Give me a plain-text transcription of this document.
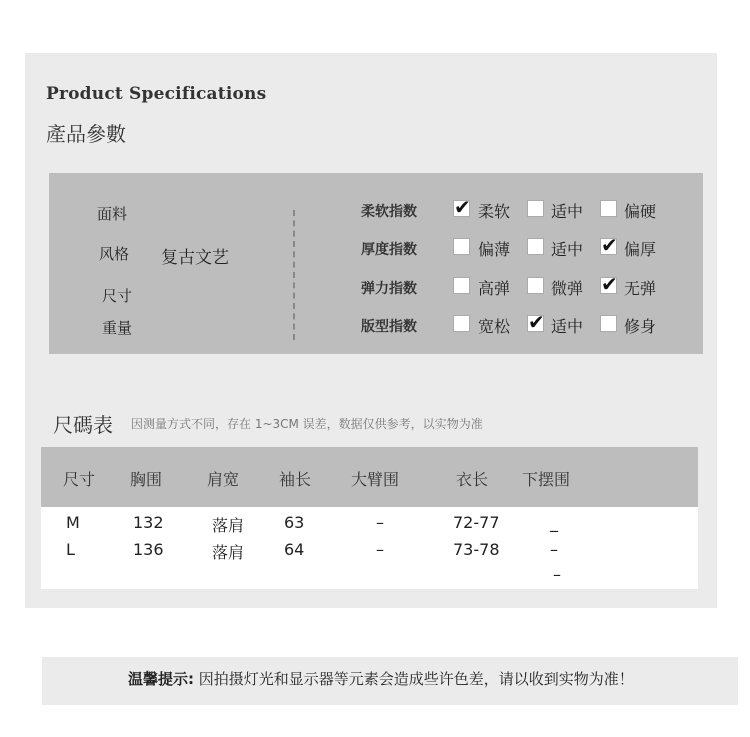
Product Specifications
產品參數
面料
风格 复古文艺
尺寸
重量
柔软指数 ✔ 柔软	适中	偏硬
厚度指数	偏薄	适中 ✔ 偏厚
弹力指数	高弹	微弹 ✔ 无弹
版型指数	宽松 ✔ 适中	修身
尺碼表 因测量方式不同，存在 1~3CM 误差，数据仅供参考，以实物为准
尺寸 胸围	肩宽 袖长 大臂围	衣长 下摆围
M	132	落肩 63	–	72-77	_
L	136	落肩 64	–	73-78	–
–
温馨提示: 因拍摄灯光和显示器等元素会造成些许色差，请以收到实物为准！
